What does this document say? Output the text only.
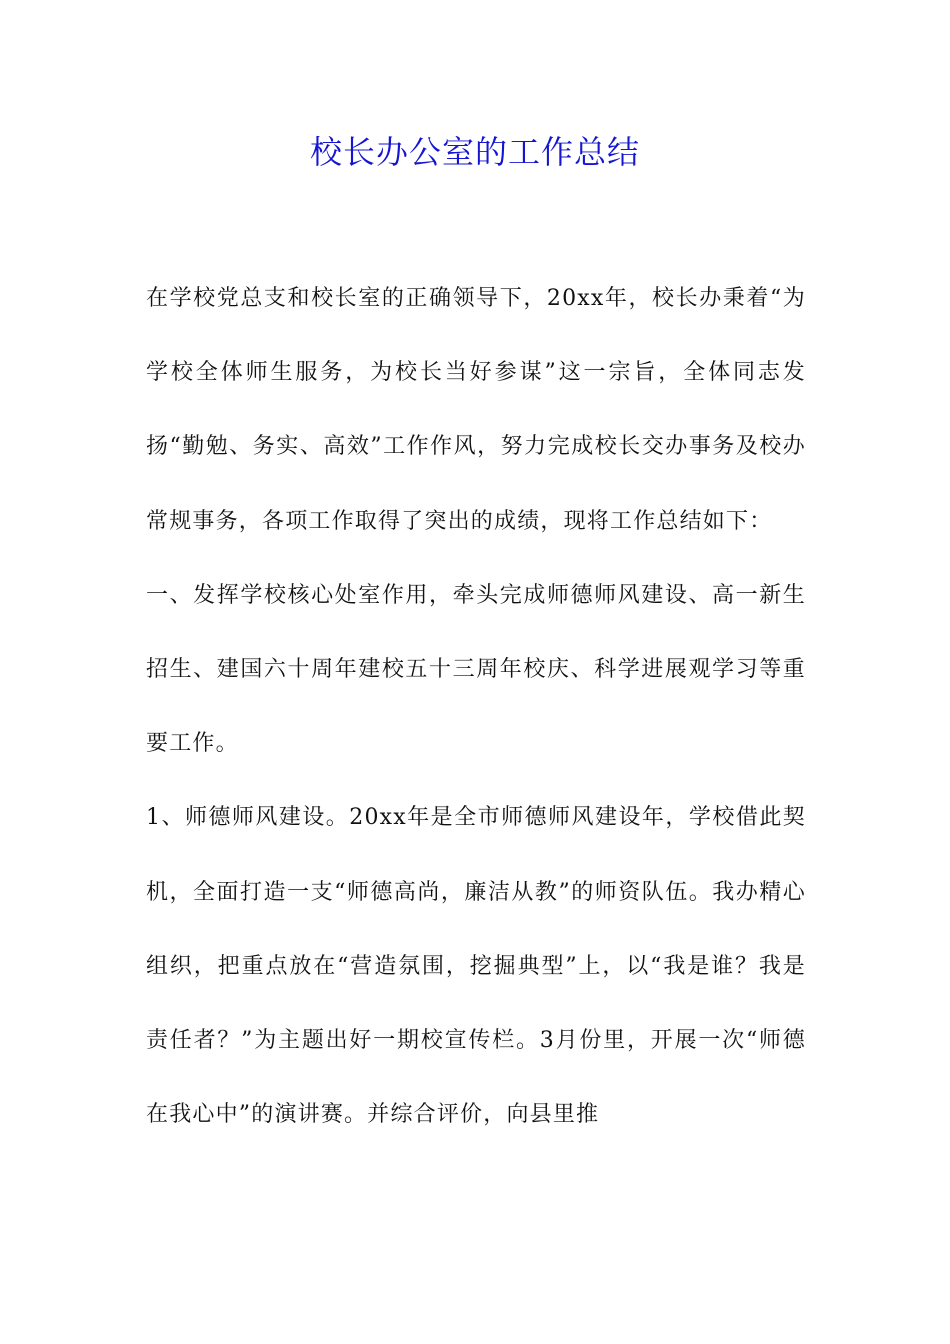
校长办公室的工作总结

在学校党总支和校长室的正确领导下，20xx年，校长办秉着“为学校全体师生服务，为校长当好参谋”这一宗旨，全体同志发扬“勤勉、务实、高效”工作作风，努力完成校长交办事务及校办常规事务，各项工作取得了突出的成绩，现将工作总结如下：

一、发挥学校核心处室作用，牵头完成师德师风建设、高一新生招生、建国六十周年建校五十三周年校庆、科学进展观学习等重要工作。

1、师德师风建设。20xx年是全市师德师风建设年，学校借此契机，全面打造一支“师德高尚，廉洁从教”的师资队伍。我办精心组织，把重点放在“营造氛围，挖掘典型”上，以“我是谁？我是责任者？”为主题出好一期校宣传栏。3月份里，开展一次“师德在我心中”的演讲赛。并综合评价，向县里推
